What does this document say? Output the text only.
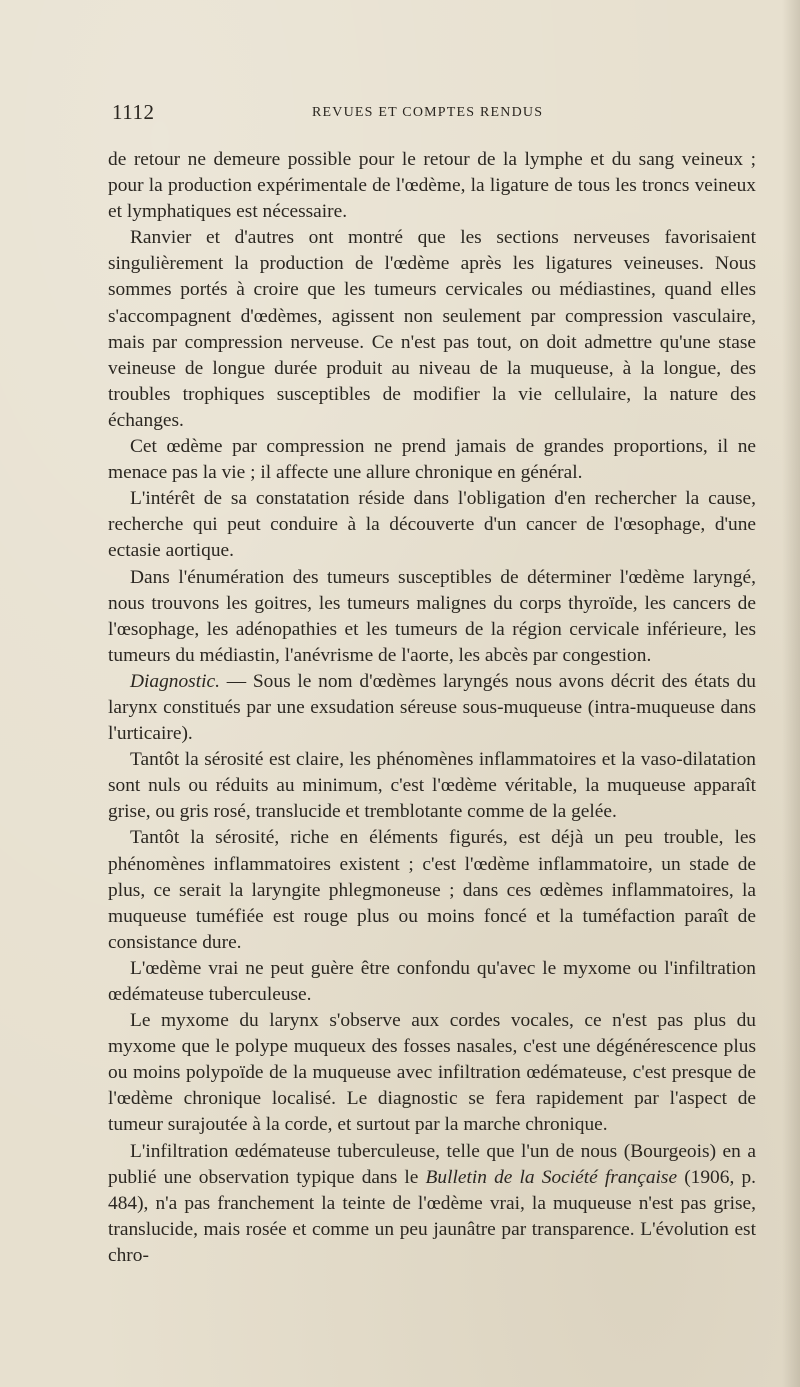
1112	REVUES ET COMPTES RENDUS

de retour ne demeure possible pour le retour de la lymphe et du sang veineux ; pour la production expérimentale de l'œdème, la ligature de tous les troncs veineux et lymphatiques est nécessaire.

Ranvier et d'autres ont montré que les sections nerveuses favorisaient singulièrement la production de l'œdème après les ligatures veineuses. Nous sommes portés à croire que les tumeurs cervicales ou médiastines, quand elles s'accompagnent d'œdèmes, agissent non seulement par compression vasculaire, mais par compression nerveuse. Ce n'est pas tout, on doit admettre qu'une stase veineuse de longue durée produit au niveau de la muqueuse, à la longue, des troubles trophiques susceptibles de modifier la vie cellulaire, la nature des échanges.

Cet œdème par compression ne prend jamais de grandes proportions, il ne menace pas la vie ; il affecte une allure chronique en général.

L'intérêt de sa constatation réside dans l'obligation d'en rechercher la cause, recherche qui peut conduire à la découverte d'un cancer de l'œsophage, d'une ectasie aortique.

Dans l'énumération des tumeurs susceptibles de déterminer l'œdème laryngé, nous trouvons les goitres, les tumeurs malignes du corps thyroïde, les cancers de l'œsophage, les adénopathies et les tumeurs de la région cervicale inférieure, les tumeurs du médiastin, l'anévrisme de l'aorte, les abcès par congestion.

Diagnostic. — Sous le nom d'œdèmes laryngés nous avons décrit des états du larynx constitués par une exsudation séreuse sous-muqueuse (intra-muqueuse dans l'urticaire).

Tantôt la sérosité est claire, les phénomènes inflammatoires et la vaso-dilatation sont nuls ou réduits au minimum, c'est l'œdème véritable, la muqueuse apparaît grise, ou gris rosé, translucide et tremblotante comme de la gelée.

Tantôt la sérosité, riche en éléments figurés, est déjà un peu trouble, les phénomènes inflammatoires existent ; c'est l'œdème inflammatoire, un stade de plus, ce serait la laryngite phlegmoneuse ; dans ces œdèmes inflammatoires, la muqueuse tuméfiée est rouge plus ou moins foncé et la tuméfaction paraît de consistance dure.

L'œdème vrai ne peut guère être confondu qu'avec le myxome ou l'infiltration œdémateuse tuberculeuse.

Le myxome du larynx s'observe aux cordes vocales, ce n'est pas plus du myxome que le polype muqueux des fosses nasales, c'est une dégénérescence plus ou moins polypoïde de la muqueuse avec infiltration œdémateuse, c'est presque de l'œdème chronique localisé. Le diagnostic se fera rapidement par l'aspect de tumeur surajoutée à la corde, et surtout par la marche chronique.

L'infiltration œdémateuse tuberculeuse, telle que l'un de nous (Bourgeois) en a publié une observation typique dans le Bulletin de la Société française (1906, p. 484), n'a pas franchement la teinte de l'œdème vrai, la muqueuse n'est pas grise, translucide, mais rosée et comme un peu jaunâtre par transparence. L'évolution est chro-
